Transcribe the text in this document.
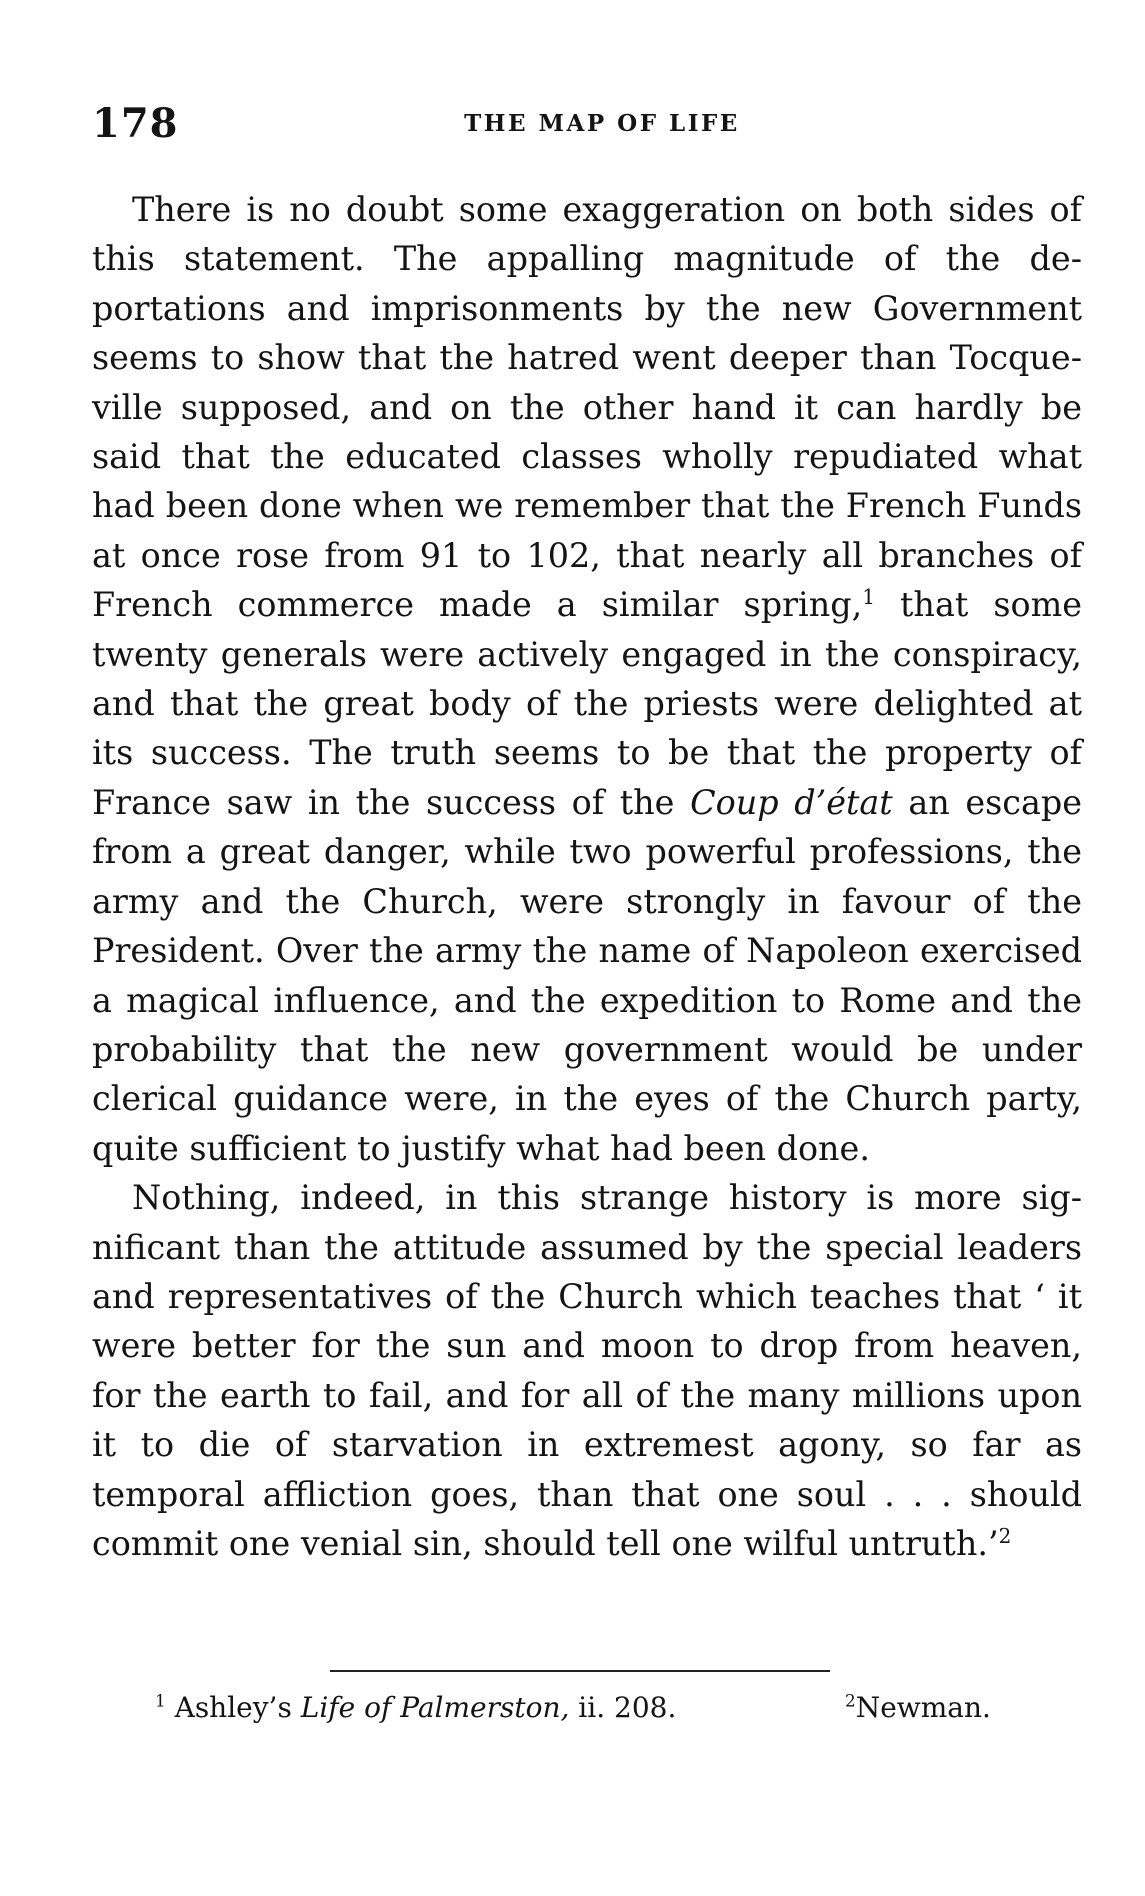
178	THE MAP OF LIFE

There is no doubt some exaggeration on both sides of this statement. The appalling magnitude of the deportations and imprisonments by the new Government seems to show that the hatred went deeper than Tocqueville supposed, and on the other hand it can hardly be said that the educated classes wholly repudiated what had been done when we remember that the French Funds at once rose from 91 to 102, that nearly all branches of French commerce made a similar spring,$^1$ that some twenty generals were actively engaged in the conspiracy, and that the great body of the priests were delighted at its success. The truth seems to be that the property of France saw in the success of the Coup d’état an escape from a great danger, while two powerful professions, the army and the Church, were strongly in favour of the President. Over the army the name of Napoleon exercised a magical influence, and the expedition to Rome and the probability that the new government would be under clerical guidance were, in the eyes of the Church party, quite sufficient to justify what had been done.

Nothing, indeed, in this strange history is more significant than the attitude assumed by the special leaders and representatives of the Church which teaches that ‘ it were better for the sun and moon to drop from heaven, for the earth to fail, and for all of the many millions upon it to die of starvation in extremest agony, so far as temporal affliction goes, than that one soul . . . should commit one venial sin, should tell one wilful untruth.’$^2$

$^1$ Ashley’s Life of Palmerston, ii. 208.	$^2$Newman.
